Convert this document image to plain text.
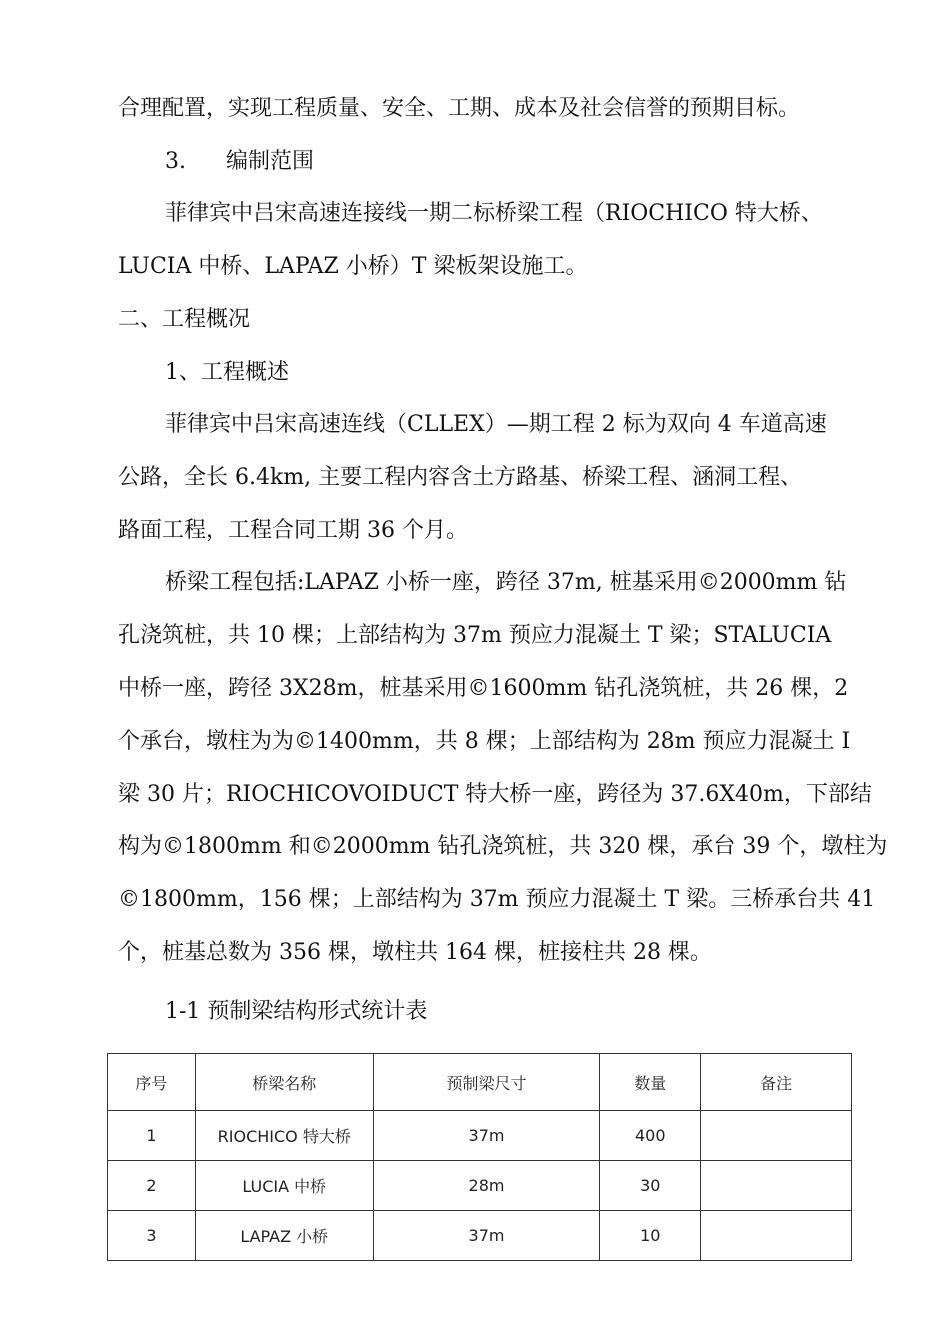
合理配置，实现工程质量、安全、工期、成本及社会信誉的预期目标。
3. 编制范围
菲律宾中吕宋高速连接线一期二标桥梁工程（RIOCHICO 特大桥、
LUCIA 中桥、LAPAZ 小桥）T 梁板架设施工。
二、工程概况
1、工程概述
菲律宾中吕宋高速连线（CLLEX）—期工程 2 标为双向 4 车道高速
公路，全长 6.4km, 主要工程内容含土方路基、桥梁工程、涵洞工程、
路面工程，工程合同工期 36 个月。
桥梁工程包括:LAPAZ 小桥一座，跨径 37m, 桩基采用©2000mm 钻
孔浇筑桩，共 10 棵；上部结构为 37m 预应力混凝土 T 梁；STALUCIA
中桥一座，跨径 3X28m，桩基采用©1600mm 钻孔浇筑桩，共 26 棵，2
个承台，墩柱为为©1400mm，共 8 棵；上部结构为 28m 预应力混凝土 I
梁 30 片；RIOCHICOVOIDUCT 特大桥一座，跨径为 37.6X40m，下部结
构为©1800mm 和©2000mm 钻孔浇筑桩，共 320 棵，承台 39 个，墩柱为
©1800mm，156 棵；上部结构为 37m 预应力混凝土 T 梁。三桥承台共 41
个，桩基总数为 356 棵，墩柱共 164 棵，桩接柱共 28 棵。
1-1 预制梁结构形式统计表
序号	桥梁名称	预制梁尺寸	数量	备注
1	RIOCHICO 特大桥	37m	400	
2	LUCIA 中桥	28m	30	
3	LAPAZ 小桥	37m	10	
